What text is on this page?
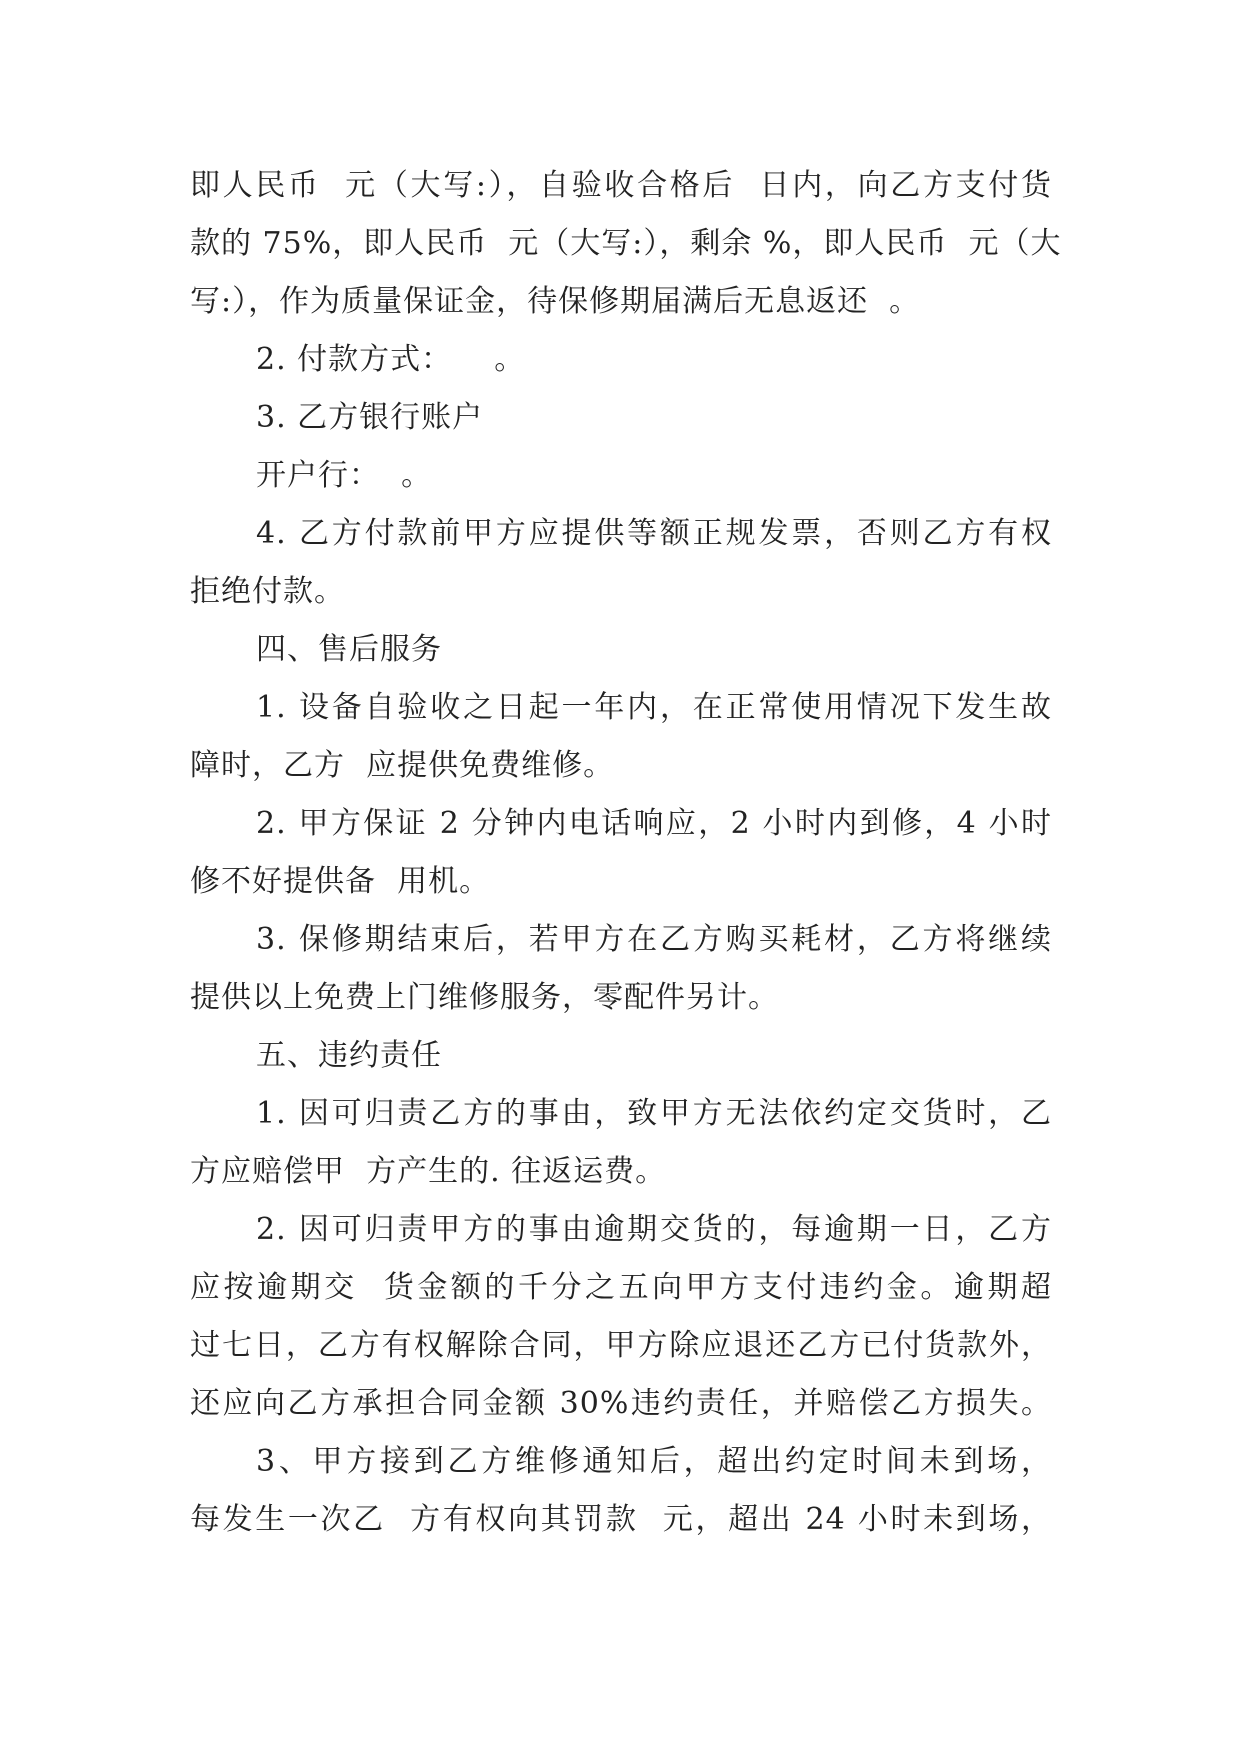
即人民币  元（大写:），自验收合格后  日内，向乙方支付货
款的 75%，即人民币  元（大写:），剩余 %，即人民币  元（大
写:），作为质量保证金，待保修期届满后无息返还  。
2. 付款方式：    。
3. 乙方银行账户
开户行：  。
4. 乙方付款前甲方应提供等额正规发票，否则乙方有权
拒绝付款。
四、售后服务
1. 设备自验收之日起一年内，在正常使用情况下发生故
障时，乙方  应提供免费维修。
2. 甲方保证 2 分钟内电话响应，2 小时内到修，4 小时
修不好提供备  用机。
3. 保修期结束后，若甲方在乙方购买耗材，乙方将继续
提供以上免费上门维修服务，零配件另计。
五、违约责任
1. 因可归责乙方的事由，致甲方无法依约定交货时，乙
方应赔偿甲  方产生的. 往返运费。
2. 因可归责甲方的事由逾期交货的，每逾期一日，乙方
应按逾期交  货金额的千分之五向甲方支付违约金。逾期超
过七日，乙方有权解除合同，甲方除应退还乙方已付货款外，
还应向乙方承担合同金额 30%违约责任，并赔偿乙方损失。
3、甲方接到乙方维修通知后，超出约定时间未到场，
每发生一次乙  方有权向其罚款  元，超出 24 小时未到场，
